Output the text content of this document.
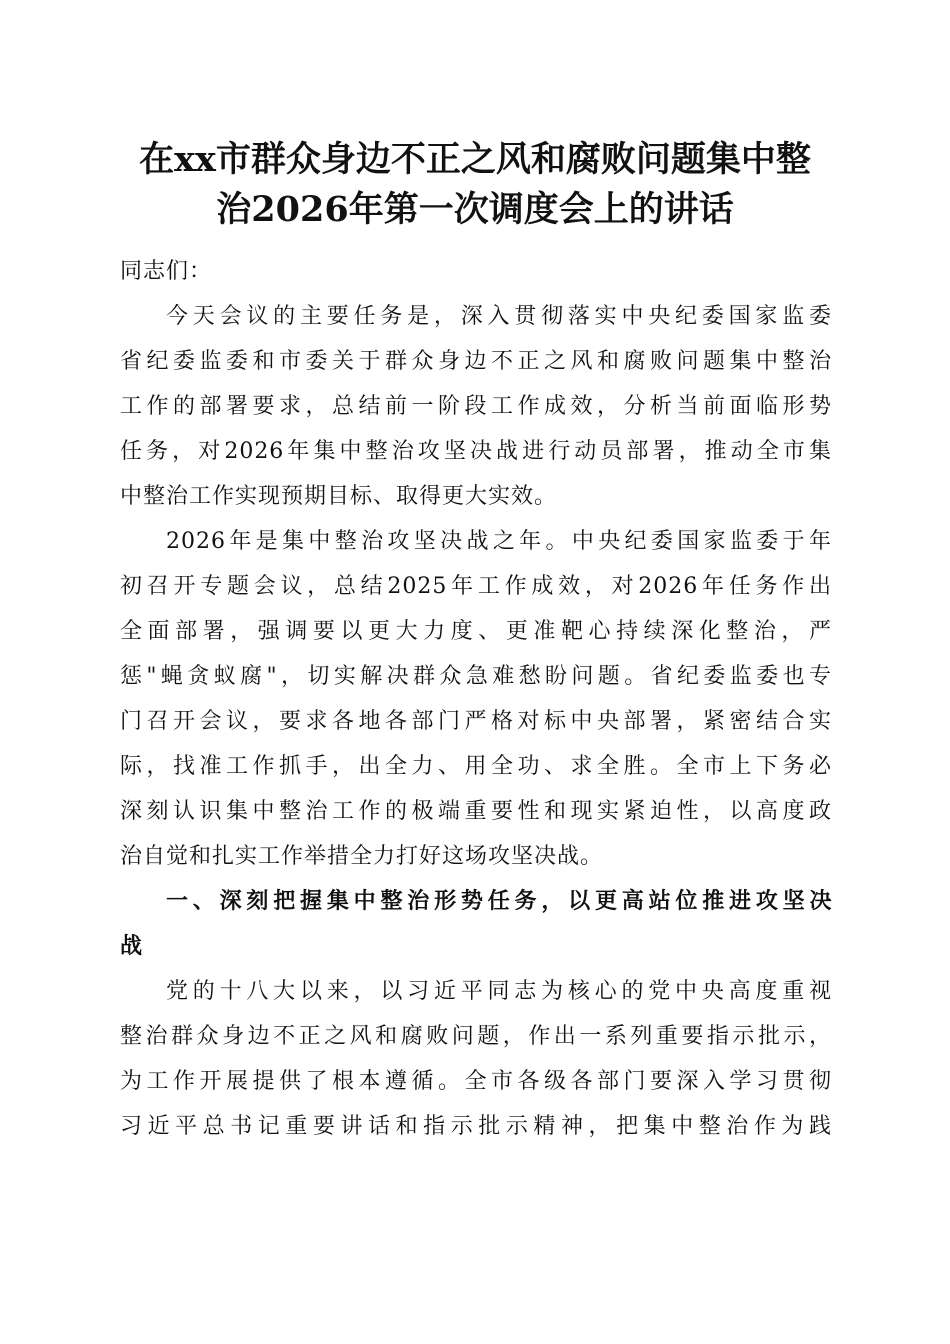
在xx市群众身边不正之风和腐败问题集中整
治2026年第一次调度会上的讲话
同志们：
今天会议的主要任务是，深入贯彻落实中央纪委国家监委
省纪委监委和市委关于群众身边不正之风和腐败问题集中整治
工作的部署要求，总结前一阶段工作成效，分析当前面临形势
任务，对2026年集中整治攻坚决战进行动员部署，推动全市集
中整治工作实现预期目标、取得更大实效。
2026年是集中整治攻坚决战之年。中央纪委国家监委于年
初召开专题会议，总结2025年工作成效，对2026年任务作出
全面部署，强调要以更大力度、更准靶心持续深化整治，严
惩"蝇贪蚁腐"，切实解决群众急难愁盼问题。省纪委监委也专
门召开会议，要求各地各部门严格对标中央部署，紧密结合实
际，找准工作抓手，出全力、用全功、求全胜。全市上下务必
深刻认识集中整治工作的极端重要性和现实紧迫性，以高度政
治自觉和扎实工作举措全力打好这场攻坚决战。
一、深刻把握集中整治形势任务，以更高站位推进攻坚决
战
党的十八大以来，以习近平同志为核心的党中央高度重视
整治群众身边不正之风和腐败问题，作出一系列重要指示批示，
为工作开展提供了根本遵循。全市各级各部门要深入学习贯彻
习近平总书记重要讲话和指示批示精神，把集中整治作为践
